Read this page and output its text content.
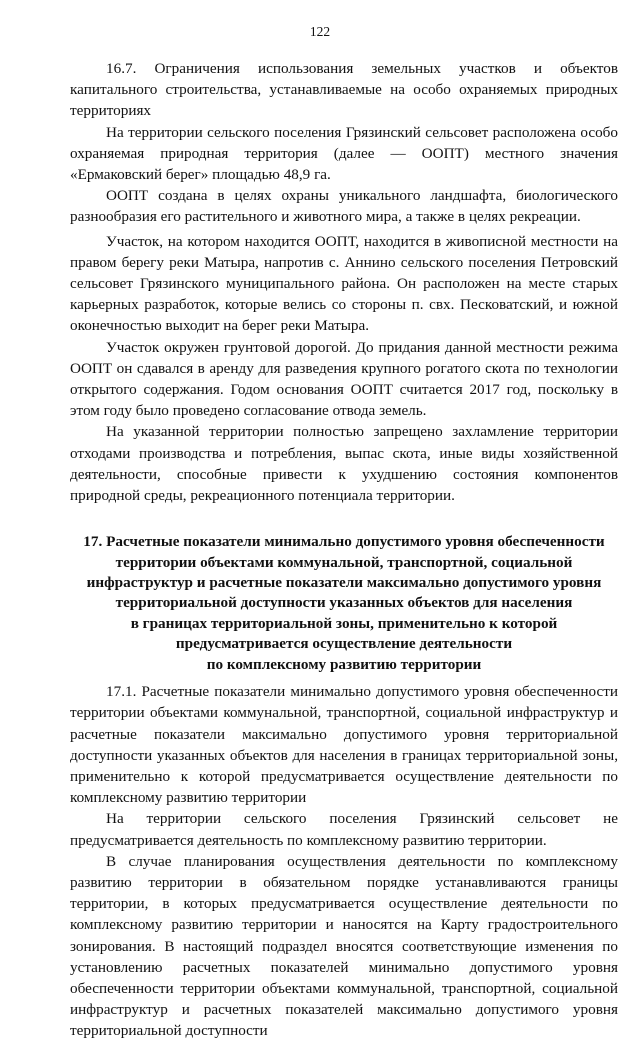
122

16.7. Ограничения использования земельных участков и объектов капитального строительства, устанавливаемые на особо охраняемых природных территориях

На территории сельского поселения Грязинский сельсовет расположена особо охраняемая природная территория (далее — ООПТ) местного значения «Ермаковский берег» площадью 48,9 га.

ООПТ создана в целях охраны уникального ландшафта, биологического разнообразия его растительного и животного мира, а также в целях рекреации.

Участок, на котором находится ООПТ, находится в живописной местности на правом берегу реки Матыра, напротив с. Аннино сельского поселения Петровский сельсовет Грязинского муниципального района. Он расположен на месте старых карьерных разработок, которые велись со стороны п. свх. Песковатский, и южной оконечностью выходит на берег реки Матыра.

Участок окружен грунтовой дорогой. До придания данной местности режима ООПТ он сдавался в аренду для разведения крупного рогатого скота по технологии открытого содержания. Годом основания ООПТ считается 2017 год, поскольку в этом году было проведено согласование отвода земель.

На указанной территории полностью запрещено захламление территории отходами производства и потребления, выпас скота, иные виды хозяйственной деятельности, способные привести к ухудшению состояния компонентов природной среды, рекреационного потенциала территории.

17. Расчетные показатели минимально допустимого уровня обеспеченности
территории объектами коммунальной, транспортной, социальной
инфраструктур и расчетные показатели максимально допустимого уровня
территориальной доступности указанных объектов для населения
в границах территориальной зоны, применительно к которой
предусматривается осуществление деятельности
по комплексному развитию территории

17.1. Расчетные показатели минимально допустимого уровня обеспеченности территории объектами коммунальной, транспортной, социальной инфраструктур и расчетные показатели максимально допустимого уровня территориальной доступности указанных объектов для населения в границах территориальной зоны, применительно к которой предусматривается осуществление деятельности по комплексному развитию территории

На территории сельского поселения Грязинский сельсовет не предусматривается деятельность по комплексному развитию территории.

В случае планирования осуществления деятельности по комплексному развитию территории в обязательном порядке устанавливаются границы территории, в которых предусматривается осуществление деятельности по комплексному развитию территории и наносятся на Карту градостроительного зонирования. В настоящий подраздел вносятся соответствующие изменения по установлению расчетных показателей минимально допустимого уровня обеспеченности территории объектами коммунальной, транспортной, социальной инфраструктур и расчетных показателей максимально допустимого уровня территориальной доступности
